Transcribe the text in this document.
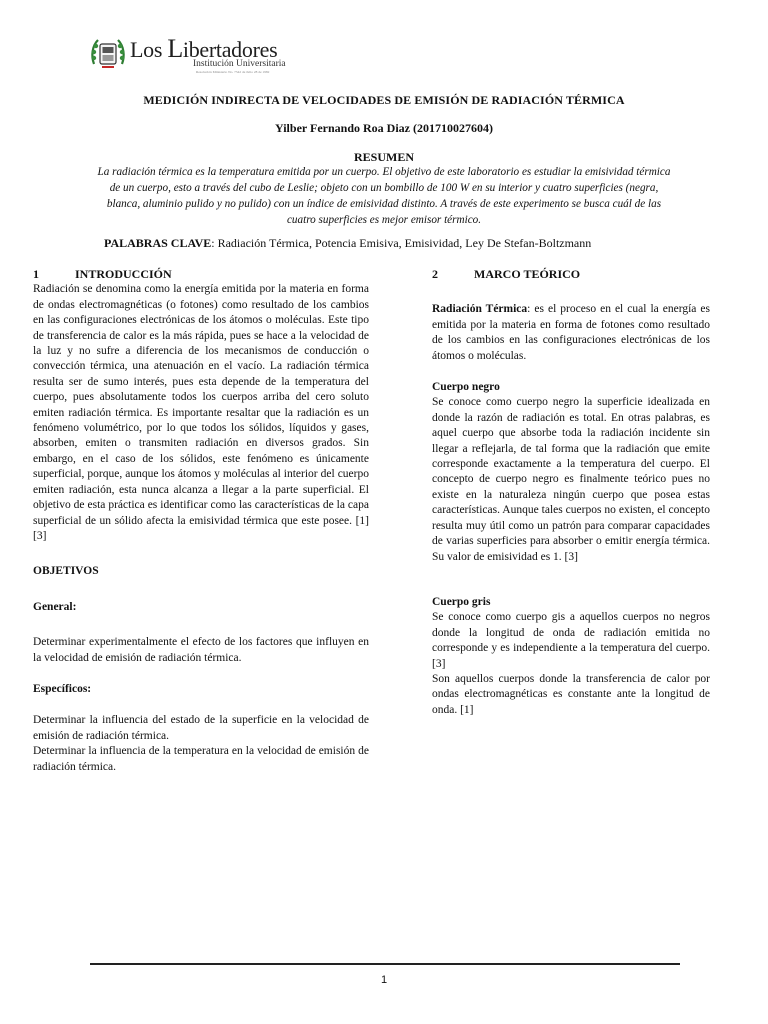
Los Libertadores
Institución Universitaria
Resolución Ministerio No. 7542 de Julio 28 de 1982
MEDICIÓN INDIRECTA DE VELOCIDADES DE EMISIÓN DE RADIACIÓN TÉRMICA
Yilber Fernando Roa Diaz (201710027604)
RESUMEN
La radiación térmica es la temperatura emitida por un cuerpo. El objetivo de este laboratorio es estudiar la emisividad térmica de un cuerpo, esto a través del cubo de Leslie; objeto con un bombillo de 100 W en su interior y cuatro superficies (negra, blanca, aluminio pulido y no pulido) con un índice de emisividad distinto. A través de este experimento se busca cuál de las cuatro superficies es mejor emisor térmico.
PALABRAS CLAVE: Radiación Térmica, Potencia Emisiva, Emisividad, Ley De Stefan-Boltzmann
1	INTRODUCCIÓN

Radiación se denomina como la energía emitida por la materia en forma de ondas electromagnéticas (o fotones) como resultado de los cambios en las configuraciones electrónicas de los átomos o moléculas. Este tipo de transferencia de calor es la más rápida, pues se hace a la velocidad de la luz y no sufre a diferencia de los mecanismos de conducción o convección térmica, una atenuación en el vacío. La radiación térmica resulta ser de sumo interés, pues esta depende de la temperatura del cuerpo, pues absolutamente todos los cuerpos arriba del cero soluto emiten radiación térmica. Es importante resaltar que la radiación es un fenómeno volumétrico, por lo que todos los sólidos, líquidos y gases, absorben, emiten o transmiten radiación en diversos grados. Sin embargo, en el caso de los sólidos, este fenómeno es únicamente superficial, porque, aunque los átomos y moléculas al interior del cuerpo emiten radiación, esta nunca alcanza a llegar a la parte superficial. El objetivo de esta práctica es identificar como las características de la capa superficial de un sólido afecta la emisividad térmica que este posee. [1][3]

OBJETIVOS
General:

Determinar experimentalmente el efecto de los factores que influyen en la velocidad de emisión de radiación térmica.

Específicos:

Determinar la influencia del estado de la superficie en la velocidad de emisión de radiación térmica.

Determinar la influencia de la temperatura en la velocidad de emisión de radiación térmica.

2	MARCO TEÓRICO

Radiación Térmica: es el proceso en el cual la energía es emitida por la materia en forma de fotones como resultado de los cambios en las configuraciones electrónicas de los átomos o moléculas.

Cuerpo negro

Se conoce como cuerpo negro la superficie idealizada en donde la razón de radiación es total. En otras palabras, es aquel cuerpo que absorbe toda la radiación incidente sin llegar a reflejarla, de tal forma que la radiación que emite corresponde exactamente a la temperatura del cuerpo. El concepto de cuerpo negro es finalmente teórico pues no existe en la naturaleza ningún cuerpo que posea estas características. Aunque tales cuerpos no existen, el concepto resulta muy útil como un patrón para comparar capacidades de varias superficies para absorber o emitir energía térmica. Su valor de emisividad es 1. [3]

Cuerpo gris

Se conoce como cuerpo gis a aquellos cuerpos no negros donde la longitud de onda de radiación emitida no corresponde y es independiente a la temperatura del cuerpo. [3]

Son aquellos cuerpos donde la transferencia de calor por ondas electromagnéticas es constante ante la longitud de onda. [1]

1
